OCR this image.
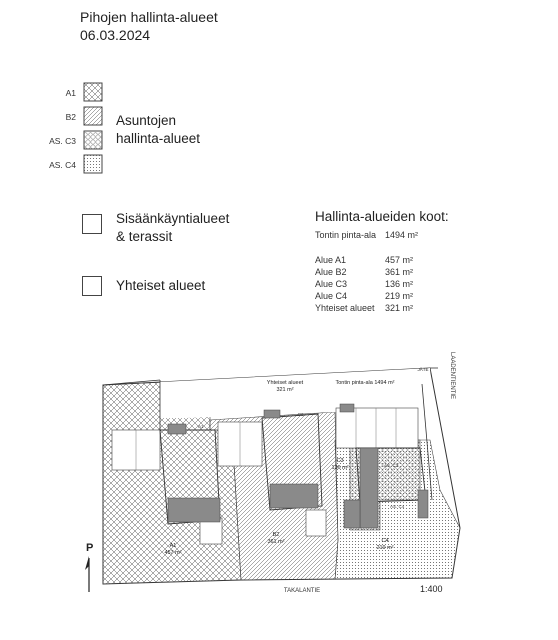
Pihojen hallinta-alueet
06.03.2024
A1
B2
AS. C3
AS. C4
Asuntojen
hallinta-alueet
Sisäänkäyntialueet
& terassit
Yhteiset alueet
Hallinta-alueiden koot:
Tontin pinta-ala 1494 m²
Alue A1	457 m²
Alue B2	361 m²
Alue C3	136 m²
Alue C4	219 m²
Yhteiset alueet 321 m²
Yhteiset alueet
321 m²
Tontin pinta-ala 1494 m²
JÄTE
A1
457 m²
B2
361 m²
C3
136 m²
C4
219 m²
A1
B2
AS. C3
AS. C4
LAADENTIENTIE
TAKALANTIE	1:400
P
